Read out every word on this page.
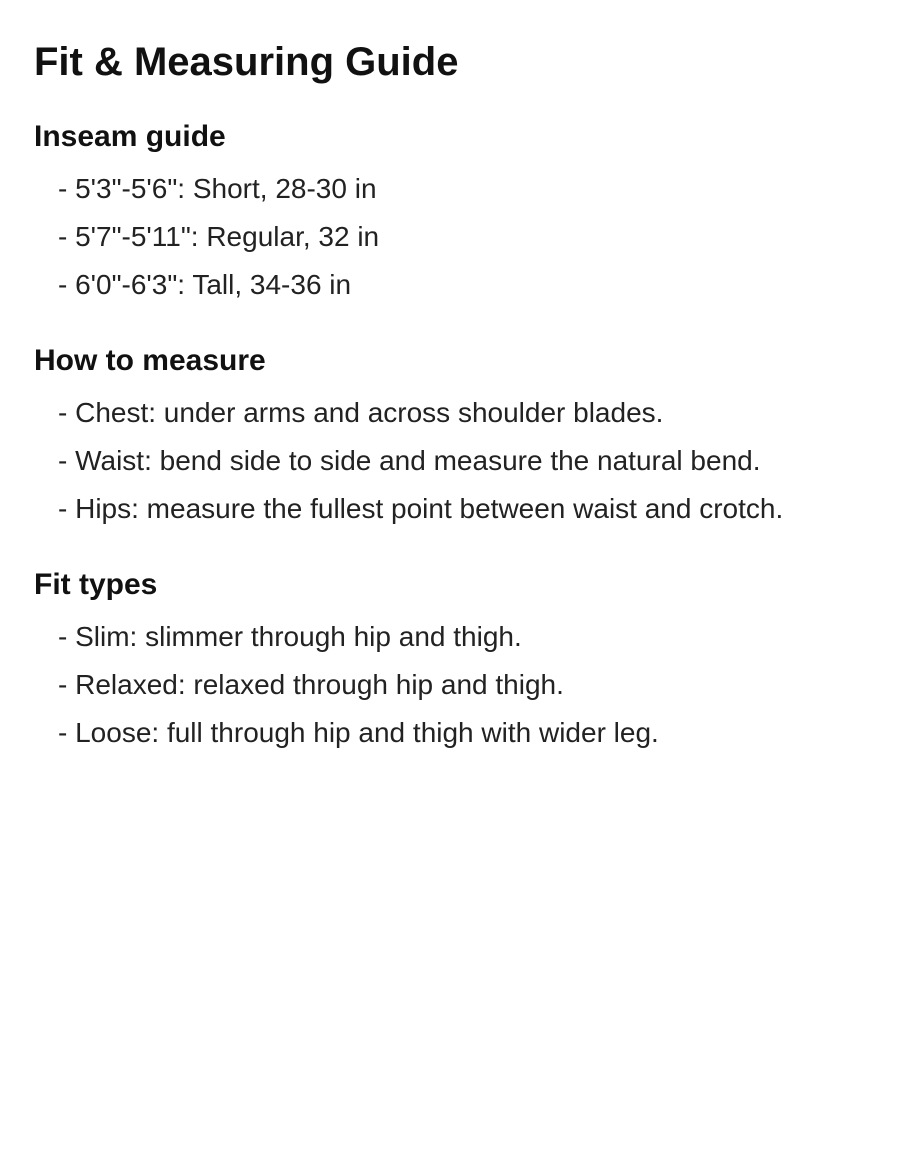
Fit & Measuring Guide
Inseam guide
- 5'3"-5'6": Short, 28-30 in
- 5'7"-5'11": Regular, 32 in
- 6'0"-6'3": Tall, 34-36 in
How to measure
- Chest: under arms and across shoulder blades.
- Waist: bend side to side and measure the natural bend.
- Hips: measure the fullest point between waist and crotch.
Fit types
- Slim: slimmer through hip and thigh.
- Relaxed: relaxed through hip and thigh.
- Loose: full through hip and thigh with wider leg.
